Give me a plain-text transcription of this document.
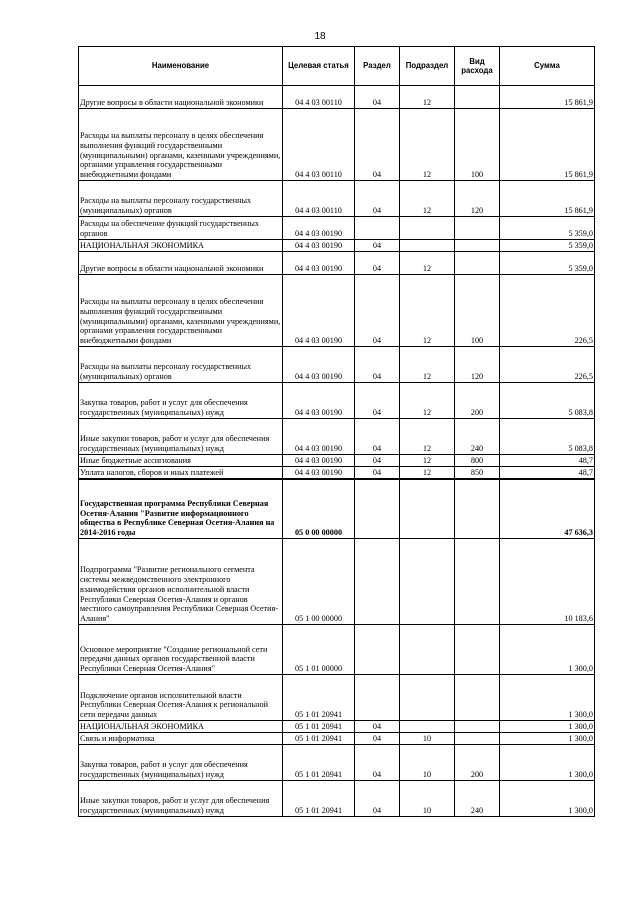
18
Наименование	Целевая статья	Раздел	Подраздел	Вид расхода	Сумма
Другие вопросы в области национальной экономики	04 4 03 00110	04	12		15 861,9
Расходы на выплаты персоналу в целях обеспечения выполнения функций государственными (муниципальными) органами, казенными учреждениями, органами управления государственными внебюджетными фондами	04 4 03 00110	04	12	100	15 861,9
Расходы на выплаты персоналу государственных (муниципальных) органов	04 4 03 00110	04	12	120	15 861,9
Расходы на обеспечение функций государственных органов	04 4 03 00190				5 359,0
НАЦИОНАЛЬНАЯ ЭКОНОМИКА	04 4 03 00190	04			5 359,0
Другие вопросы в области национальной экономики	04 4 03 00190	04	12		5 359,0
Расходы на выплаты персоналу в целях обеспечения выполнения функций государственными (муниципальными) органами, казенными учреждениями, органами управления государственными внебюджетными фондами	04 4 03 00190	04	12	100	226,5
Расходы на выплаты персоналу государственных (муниципальных) органов	04 4 03 00190	04	12	120	226,5
Закупка товаров, работ и услуг для обеспечения государственных (муниципальных) нужд	04 4 03 00190	04	12	200	5 083,8
Иные закупки товаров, работ и услуг для обеспечения государственных (муниципальных) нужд	04 4 03 00190	04	12	240	5 083,8
Иные бюджетные ассигнования	04 4 03 00190	04	12	800	48,7
Уплата налогов, сборов и иных платежей	04 4 03 00190	04	12	850	48,7
Государственная программа Республики Северная Осетия-Алания "Развитие информационного общества в Республике Северная Осетия-Алания на 2014-2016 годы	05 0 00 00000				47 636,3
Подпрограмма "Развитие регионального сегмента системы межведомственного электронного взаимодействия органов исполнительной власти Республики Северная Осетия-Алания и органов местного самоуправления Республики Северная Осетия-Алания"	05 1 00 00000				10 183,6
Основное мероприятие "Создание региональной сети передачи данных органов государственной власти Республики Северная Осетия-Алания"	05 1 01 00000				1 300,0
Подключение органов исполнительной власти Республики Северная Осетия-Алания к региональной сети передачи данных	05 1 01 20941				1 300,0
НАЦИОНАЛЬНАЯ ЭКОНОМИКА	05 1 01 20941	04			1 300,0
Связь и информатика	05 1 01 20941	04	10		1 300,0
Закупка товаров, работ и услуг для обеспечения государственных (муниципальных) нужд	05 1 01 20941	04	10	200	1 300,0
Иные закупки товаров, работ и услуг для обеспечения государственных (муниципальных) нужд	05 1 01 20941	04	10	240	1 300,0
